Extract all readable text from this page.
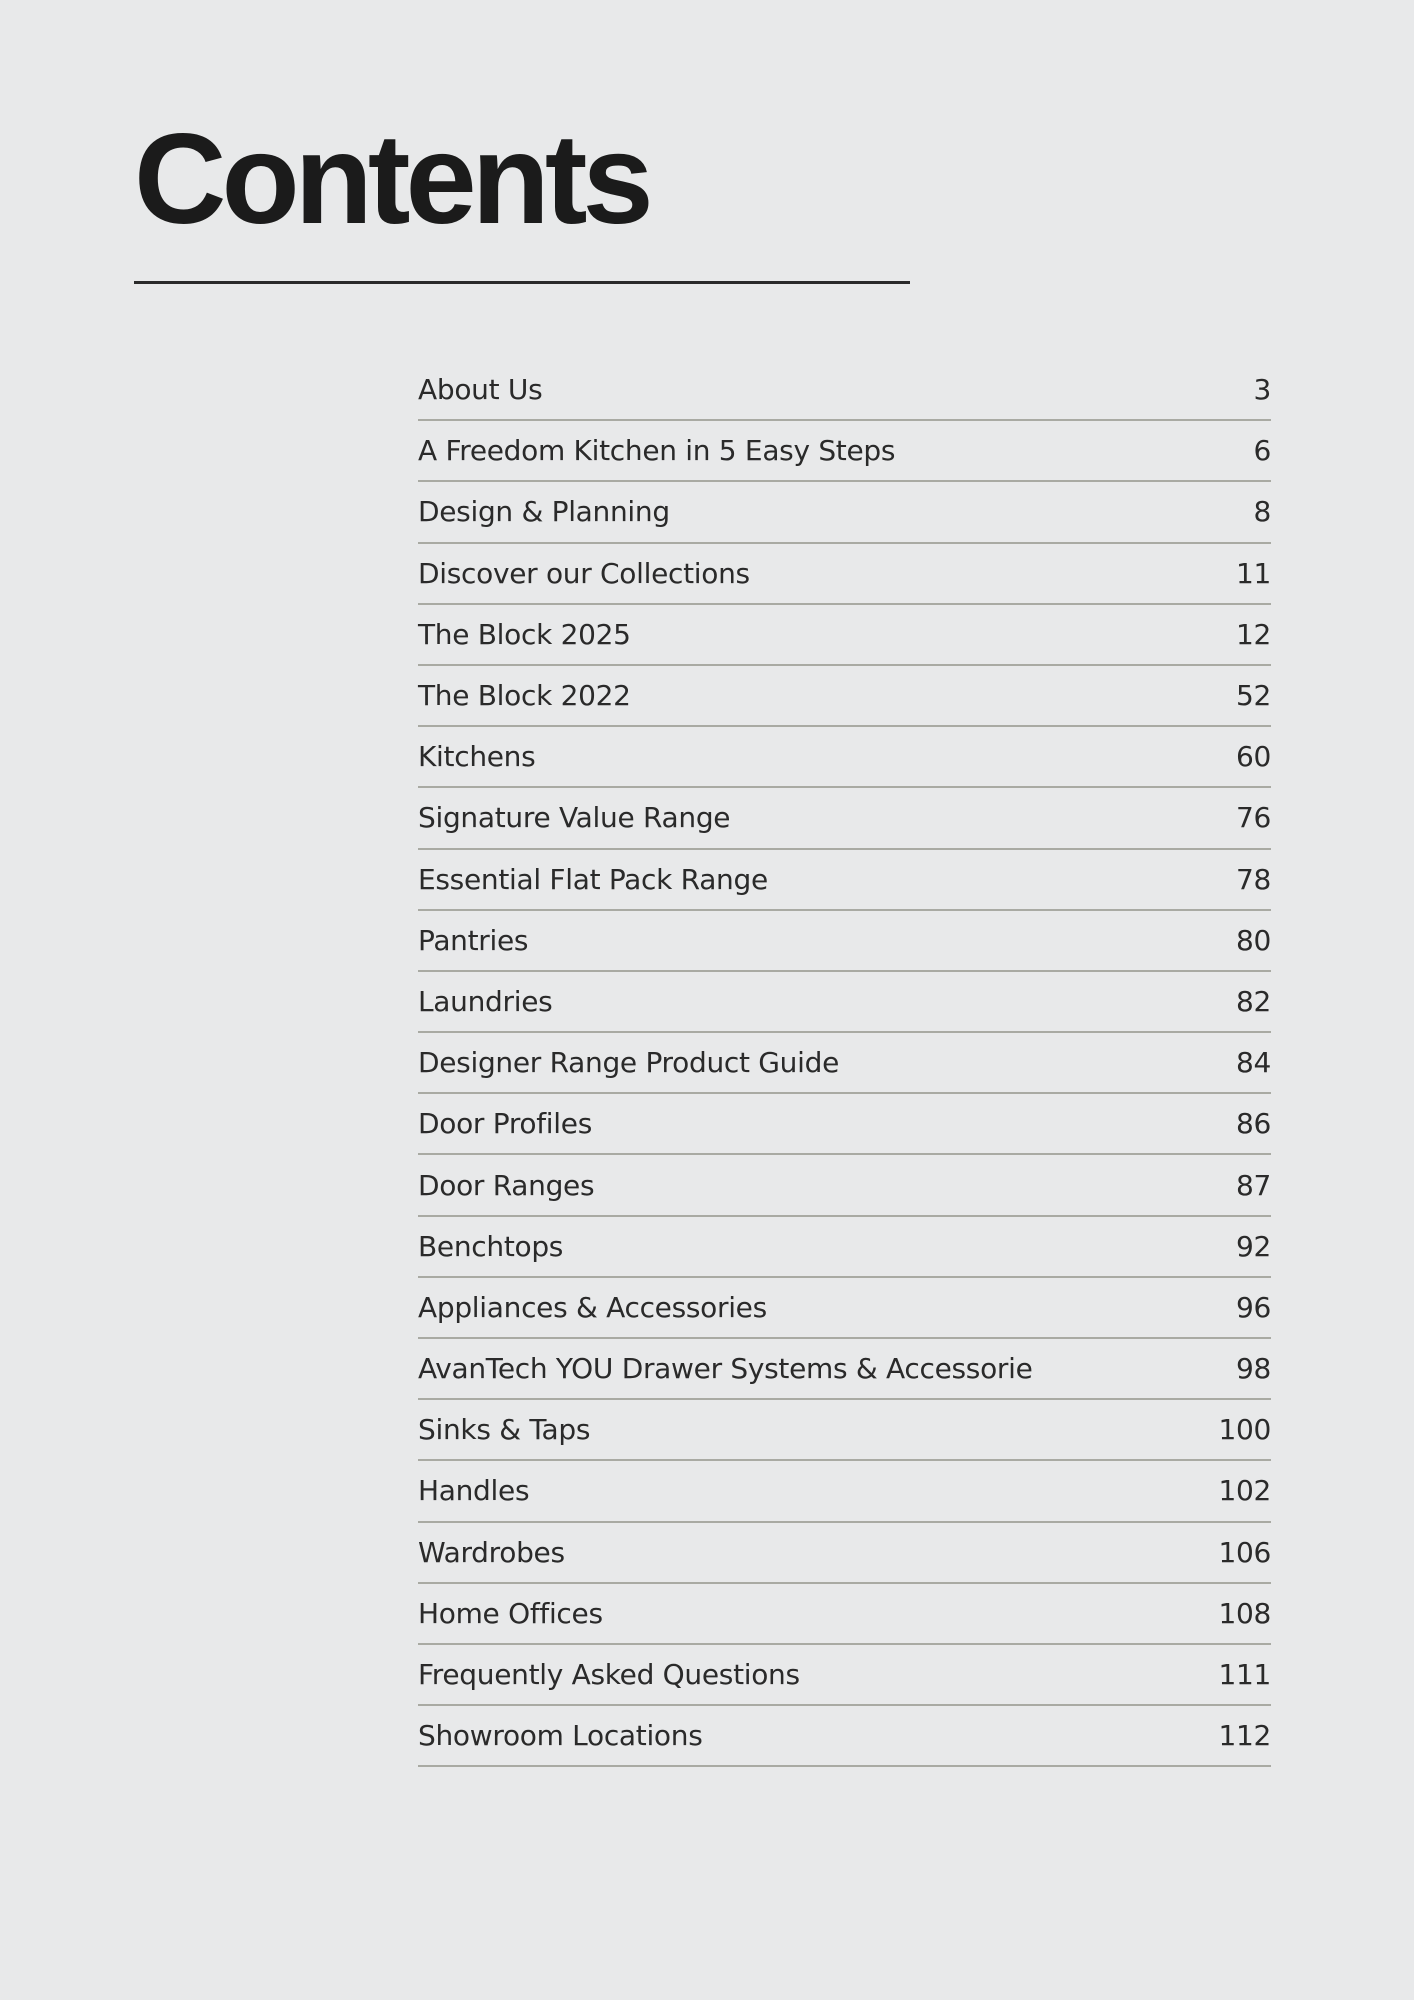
Contents
About Us	3
A Freedom Kitchen in 5 Easy Steps	6
Design & Planning	8
Discover our Collections	11
The Block 2025	12
The Block 2022	52
Kitchens	60
Signature Value Range	76
Essential Flat Pack Range	78
Pantries	80
Laundries	82
Designer Range Product Guide	84
Door Profiles	86
Door Ranges	87
Benchtops	92
Appliances & Accessories	96
AvanTech YOU Drawer Systems & Accessorie	98
Sinks & Taps	100
Handles	102
Wardrobes	106
Home Offices	108
Frequently Asked Questions	111
Showroom Locations	112
